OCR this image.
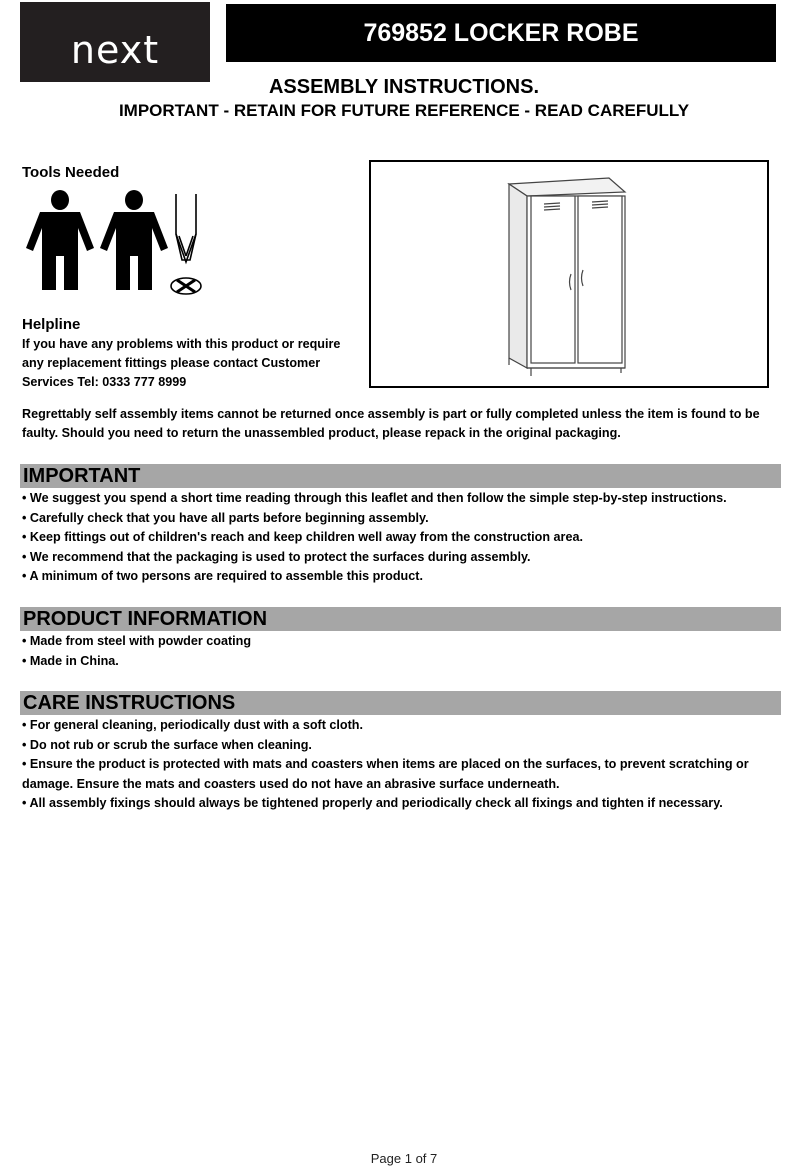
next	769852 LOCKER ROBE
ASSEMBLY INSTRUCTIONS.
IMPORTANT - RETAIN FOR FUTURE REFERENCE - READ CAREFULLY
Tools Needed
Helpline
If you have any problems with this product or require
any replacement fittings please contact Customer
Services Tel: 0333 777 8999
Regrettably self assembly items cannot be returned once assembly is part or fully completed unless the item is found to be faulty. Should you need to return the unassembled product, please repack in the original packaging.
IMPORTANT
• We suggest you spend a short time reading through this leaflet and then follow the simple step-by-step instructions.
• Carefully check that you have all parts before beginning assembly.
• Keep fittings out of children's reach and keep children well away from the construction area.
• We recommend that the packaging is used to protect the surfaces during assembly.
• A minimum of two persons are required to assemble this product.
PRODUCT INFORMATION
• Made from steel with powder coating
• Made in China.
CARE INSTRUCTIONS
• For general cleaning, periodically dust with a soft cloth.
• Do not rub or scrub the surface when cleaning.
• Ensure the product is protected with mats and coasters when items are placed on the surfaces, to prevent scratching or damage. Ensure the mats and coasters used do not have an abrasive surface underneath.
• All assembly fixings should always be tightened properly and periodically check all fixings and tighten if necessary.
Page 1 of 7
